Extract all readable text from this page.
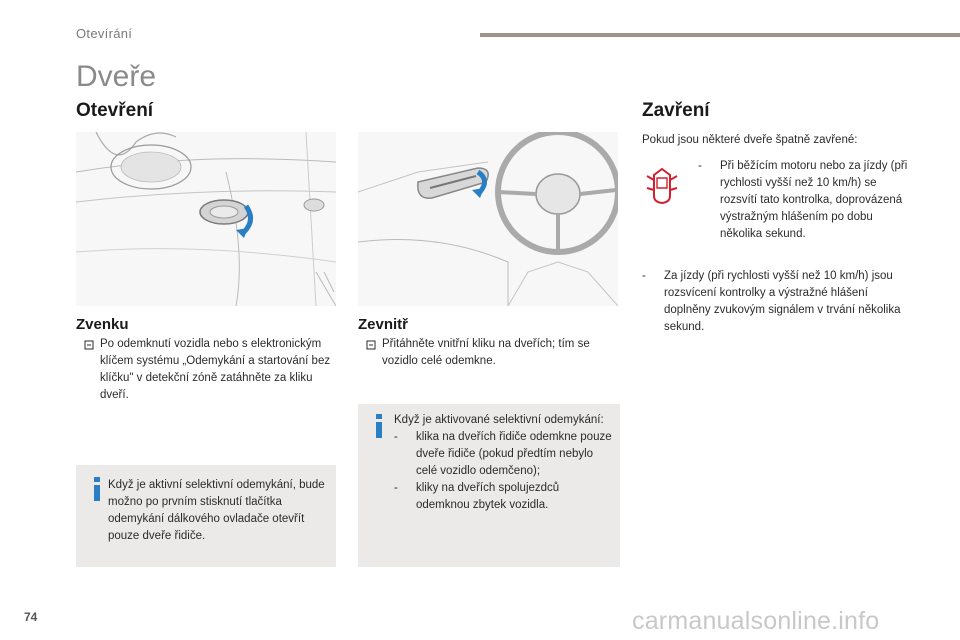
Otevírání
Dveře
Otevření
Zvenku
Po odemknutí vozidla nebo s elektronickým klíčem systému „Odemykání a startování bez klíčku" v detekční zóně zatáhněte za kliku dveří.
Když je aktivní selektivní odemykání, bude možno po prvním stisknutí tlačítka odemykání dálkového ovladače otevřít pouze dveře řidiče.
Zevnitř
Přitáhněte vnitřní kliku na dveřích; tím se vozidlo celé odemkne.
Když je aktivované selektivní odemykání:
- klika na dveřích řidiče odemkne pouze dveře řidiče (pokud předtím nebylo celé vozidlo odemčeno);
- kliky na dveřích spolujezdců odemknou zbytek vozidla.
Zavření
Pokud jsou některé dveře špatně zavřené:
- Při běžícím motoru nebo za jízdy (při rychlosti vyšší než 10 km/h) se rozsvítí tato kontrolka, doprovázená výstražným hlášením po dobu několika sekund.
- Za jízdy (při rychlosti vyšší než 10 km/h) jsou rozsvícení kontrolky a výstražné hlášení doplněny zvukovým signálem v trvání několika sekund.
74	carmanualsonline.info
